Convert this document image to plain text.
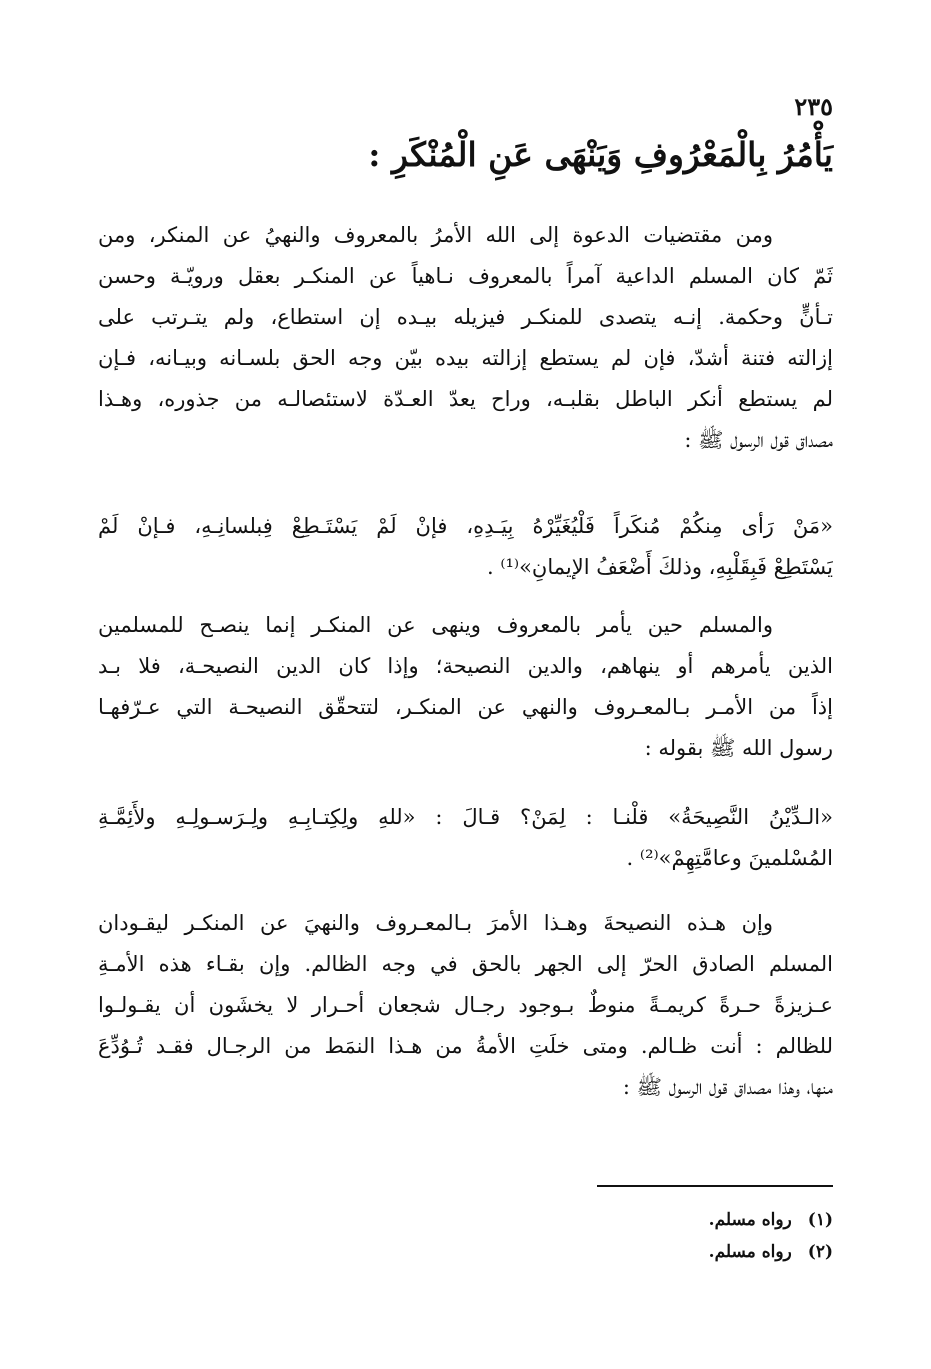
٢٣٥
يَأْمُرُ بِالْمَعْرُوفِ وَيَنْهَى عَنِ الْمُنْكَرِ :
ومن مقتضيات الدعوة إلى الله الأمرُ بالمعروف والنهيُ عن المنكر، ومن
ثَمّ كان المسلم الداعية آمراً بالمعروف نـاهياً عن المنكـر بعقل ورويّـة وحسن
تـأنٍّ وحكمة. إنـه يتصدى للمنكـر فيزيله بيـده إن استطاع، ولم يتـرتب على
إزالته فتنة أشدّ، فإن لم يستطع إزالته بيده بيّن وجه الحق بلسـانه وبيـانه، فـإن
لم يستطع أنكر الباطل بقلبـه، وراح يعدّ العـدّة لاستئصالـه من جذوره، وهـذا
مصداق قول الرسول ﷺ :
«مَنْ رَأى مِنكُمْ مُنكَراً فَلْيُغَيِّرْهُ بِيَـدِهِ، فإنْ لَمْ يَسْتَـطِعْ فِبلسانِـهِ، فـإنْ لَمْ
يَسْتَطِعْ فَبِقَلْبِهِ، وذلكَ أَضْعَفُ الإيمانِ»⁽¹⁾ .
والمسلم حين يأمر بالمعروف وينهى عن المنكـر إنما ينصـح للمسلمين
الذين يأمرهم أو ينهاهم، والدين النصيحة؛ وإذا كان الدين النصيحـة، فلا بـد
إذاً من الأمـر بـالمعـروف والنهي عن المنكـر، لتتحقّق النصيحـة التي عـرّفهـا
رسول الله ﷺ بقوله :
«الـدِّيْنُ النَّصِيحَةُ» قلْنـا : لِمَنْ؟ قـالَ : «للهِ ولِكِتـابِـهِ ولِـرَسـولِـهِ ولأَئِمَّـةِ
المُسْلمينَ وعامَّتِهِمْ»⁽²⁾ .
وإن هـذه النصيحةَ وهـذا الأمرَ بـالمعـروف والنهيَ عن المنكـر ليقـودان
المسلم الصادق الحرّ إلى الجهر بالحق في وجه الظالم. وإن بقـاء هذه الأمـةِ
عـزيزةً حـرةً كريمـةً منوطٌ بـوجود رجـال شجعان أحـرار لا يخشَون أن يقـولـوا
للظالم : أنت ظـالم. ومتى خلَتِ الأمةُ من هـذا النمَط من الرجـال فقـد تُـوُدِّعَ
منها، وهذا مصداق قول الرسول ﷺ :
(١)رواه مسلم.
(٢)رواه مسلم.
